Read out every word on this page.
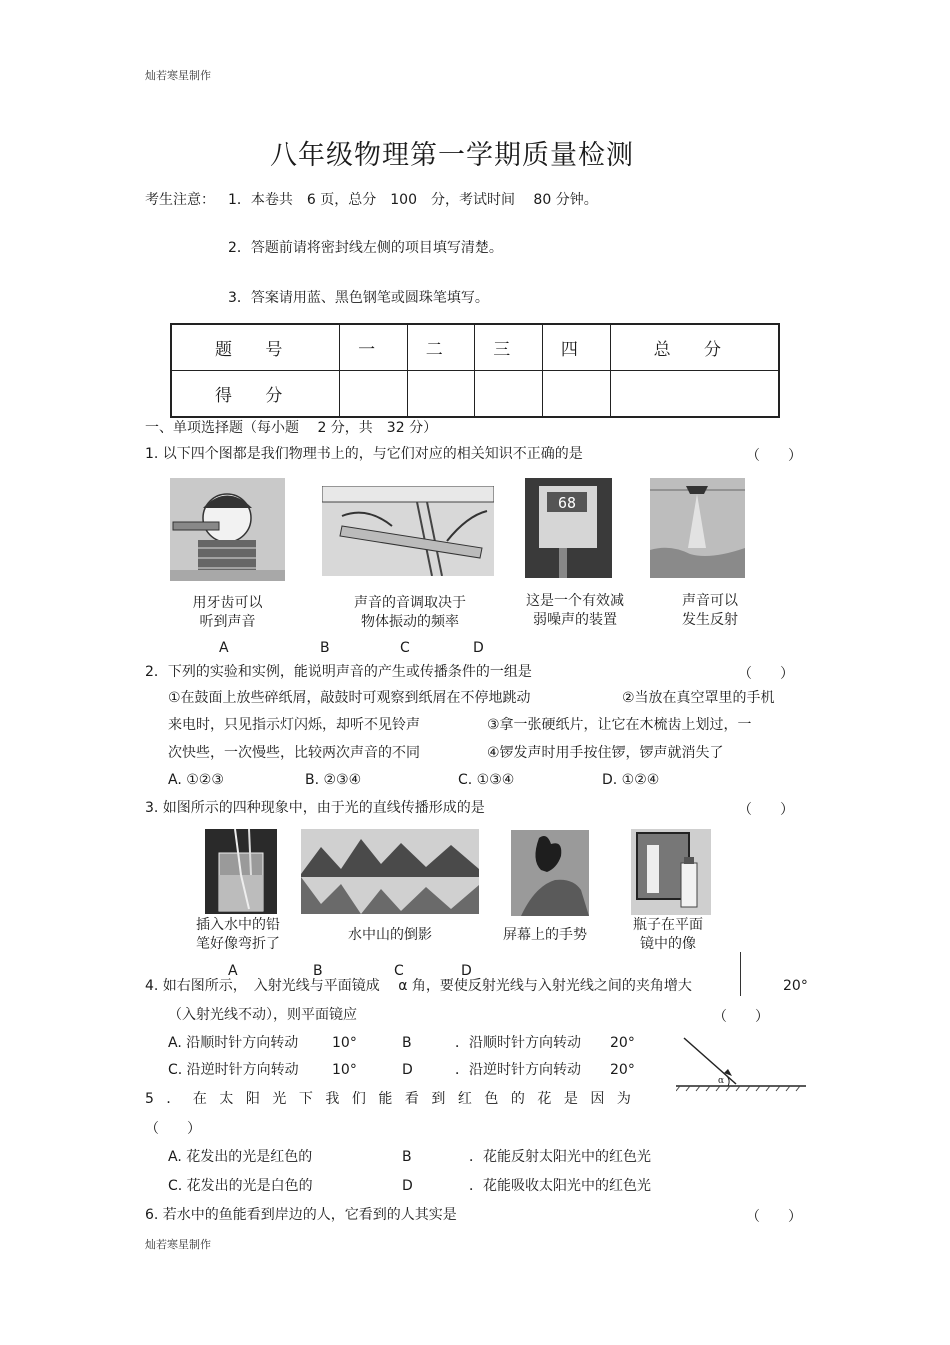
灿若寒星制作
八年级物理第一学期质量检测
考生注意： 1．本卷共　6 页，总分　100　分，考试时间　 80 分钟。
2．答题前请将密封线左侧的项目填写清楚。
3．答案请用蓝、黑色钢笔或圆珠笔填写。
题 号	一	二	三	四	总 分
得 分					
一、单项选择题（每小题　 2 分，共　32 分）
1. 以下四个图都是我们物理书上的，与它们对应的相关知识不正确的是	（　　）
68
用牙齿可以
听到声音
声音的音调取决于
物体振动的频率
这是一个有效减
弱噪声的装置
声音可以
发生反射
A	B	C	D
2．下列的实验和实例，能说明声音的产生或传播条件的一组是	（　　）
①在鼓面上放些碎纸屑，敲鼓时可观察到纸屑在不停地跳动	②当放在真空罩里的手机
来电时，只见指示灯闪烁，却听不见铃声	③拿一张硬纸片，让它在木梳齿上划过，一
次快些，一次慢些，比较两次声音的不同	④锣发声时用手按住锣，锣声就消失了
A. ①②③	B. ②③④	C. ①③④	D. ①②④
3. 如图所示的四种现象中，由于光的直线传播形成的是	（　　）
插入水中的铅
笔好像弯折了
水中山的倒影	屏幕上的手势
瓶子在平面
镜中的像
A	B	C	D
4. 如右图所示，　入射光线与平面镜成　 α 角，要使反射光线与入射光线之间的夹角增大	20°
（入射光线不动），则平面镜应	（　　）
A. 沿顺时针方向转动 10°	B	．沿顺时针方向转动 20°
C. 沿逆时针方向转动 10°	D	．沿逆时针方向转动 20°
α
5．在太阳光下我们能看到红色的花是因为
（　　）
A. 花发出的光是红色的	B	．花能反射太阳光中的红色光
C. 花发出的光是白色的	D	．花能吸收太阳光中的红色光
6. 若水中的鱼能看到岸边的人，它看到的人其实是	（　　）
灿若寒星制作
